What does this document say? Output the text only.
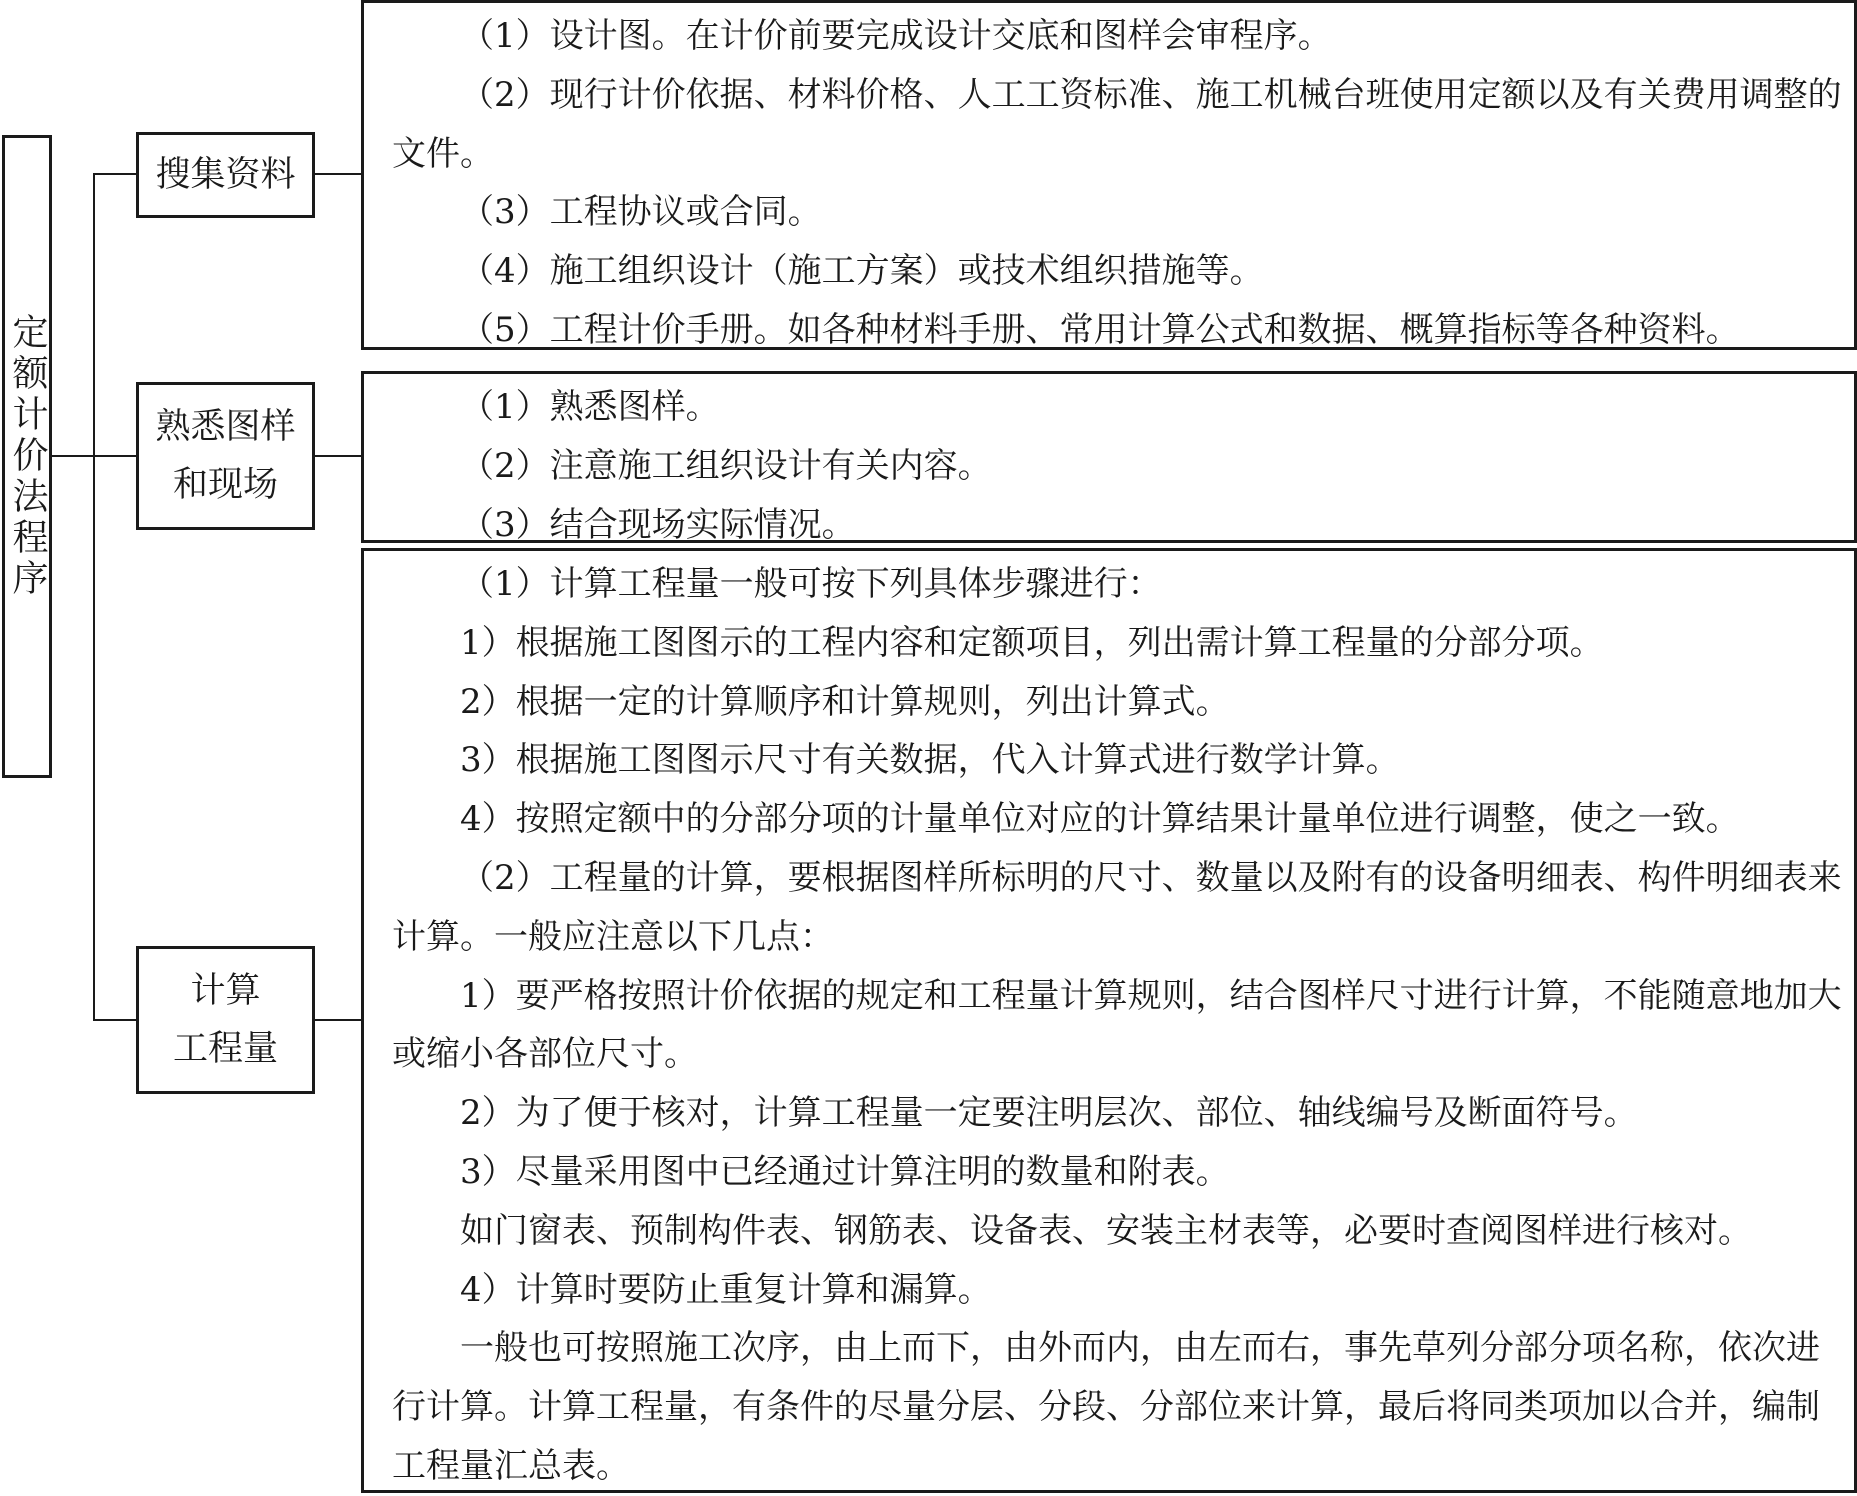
定额计价法程序
搜集资料
熟悉图样
和现场
计算
工程量

（1）设计图。在计价前要完成设计交底和图样会审程序。

（2）现行计价依据、材料价格、人工工资标准、施工机械台班使用定额以及有关费用调整的文件。

（3）工程协议或合同。

（4）施工组织设计（施工方案）或技术组织措施等。

（5）工程计价手册。如各种材料手册、常用计算公式和数据、概算指标等各种资料。

（1）熟悉图样。

（2）注意施工组织设计有关内容。

（3）结合现场实际情况。

（1）计算工程量一般可按下列具体步骤进行：

1）根据施工图图示的工程内容和定额项目，列出需计算工程量的分部分项。

2）根据一定的计算顺序和计算规则，列出计算式。

3）根据施工图图示尺寸有关数据，代入计算式进行数学计算。

4）按照定额中的分部分项的计量单位对应的计算结果计量单位进行调整，使之一致。

（2）工程量的计算，要根据图样所标明的尺寸、数量以及附有的设备明细表、构件明细表来计算。一般应注意以下几点：

1）要严格按照计价依据的规定和工程量计算规则，结合图样尺寸进行计算，不能随意地加大或缩小各部位尺寸。

2）为了便于核对，计算工程量一定要注明层次、部位、轴线编号及断面符号。

3）尽量采用图中已经通过计算注明的数量和附表。

如门窗表、预制构件表、钢筋表、设备表、安装主材表等，必要时查阅图样进行核对。

4）计算时要防止重复计算和漏算。

一般也可按照施工次序，由上而下，由外而内，由左而右，事先草列分部分项名称，依次进行计算。计算工程量，有条件的尽量分层、分段、分部位来计算，最后将同类项加以合并，编制工程量汇总表。
